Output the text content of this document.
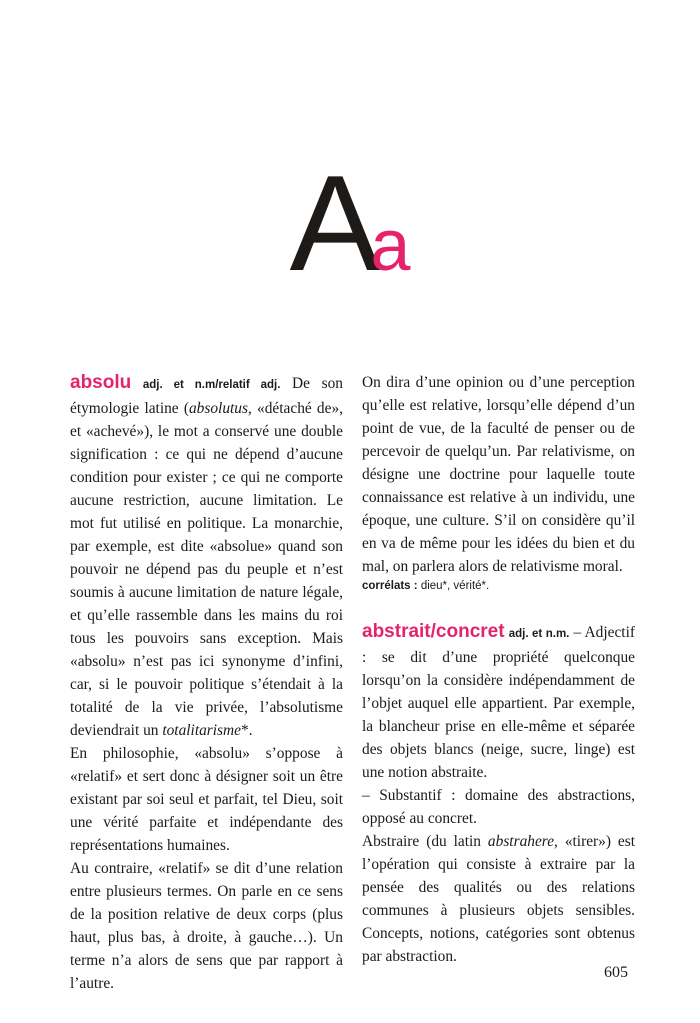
Aa

absolu adj. et n.m/relatif adj. De son étymologie latine (absolutus, «détaché de», et «achevé»), le mot a conservé une double signification : ce qui ne dépend d’aucune condition pour exister ; ce qui ne comporte aucune restriction, aucune limitation. Le mot fut utilisé en politique. La monarchie, par exemple, est dite «absolue» quand son pouvoir ne dépend pas du peuple et n’est soumis à aucune limitation de nature légale, et qu’elle rassemble dans les mains du roi tous les pouvoirs sans exception. Mais «absolu» n’est pas ici synonyme d’infini, car, si le pouvoir politique s’étendait à la totalité de la vie privée, l’absolutisme deviendrait un totalitarisme*.

En philosophie, «absolu» s’oppose à «relatif» et sert donc à désigner soit un être existant par soi seul et parfait, tel Dieu, soit une vérité parfaite et indépendante des représentations humaines.

Au contraire, «relatif» se dit d’une relation entre plusieurs termes. On parle en ce sens de la position relative de deux corps (plus haut, plus bas, à droite, à gauche…). Un terme n’a alors de sens que par rapport à l’autre.

On dira d’une opinion ou d’une perception qu’elle est relative, lorsqu’elle dépend d’un point de vue, de la faculté de penser ou de percevoir de quelqu’un. Par relativisme, on désigne une doctrine pour laquelle toute connaissance est relative à un individu, une époque, une culture. S’il on considère qu’il en va de même pour les idées du bien et du mal, on parlera alors de relativisme moral.

corrélats : dieu*, vérité*.

abstrait/concret adj. et n.m. – Adjectif : se dit d’une propriété quelconque lorsqu’on la considère indépendamment de l’objet auquel elle appartient. Par exemple, la blancheur prise en elle-même et séparée des objets blancs (neige, sucre, linge) est une notion abstraite.

– Substantif : domaine des abstractions, opposé au concret.

Abstraire (du latin abstrahere, «tirer») est l’opération qui consiste à extraire par la pensée des qualités ou des relations communes à plusieurs objets sensibles. Concepts, notions, catégories sont obtenus par abstraction.

605
